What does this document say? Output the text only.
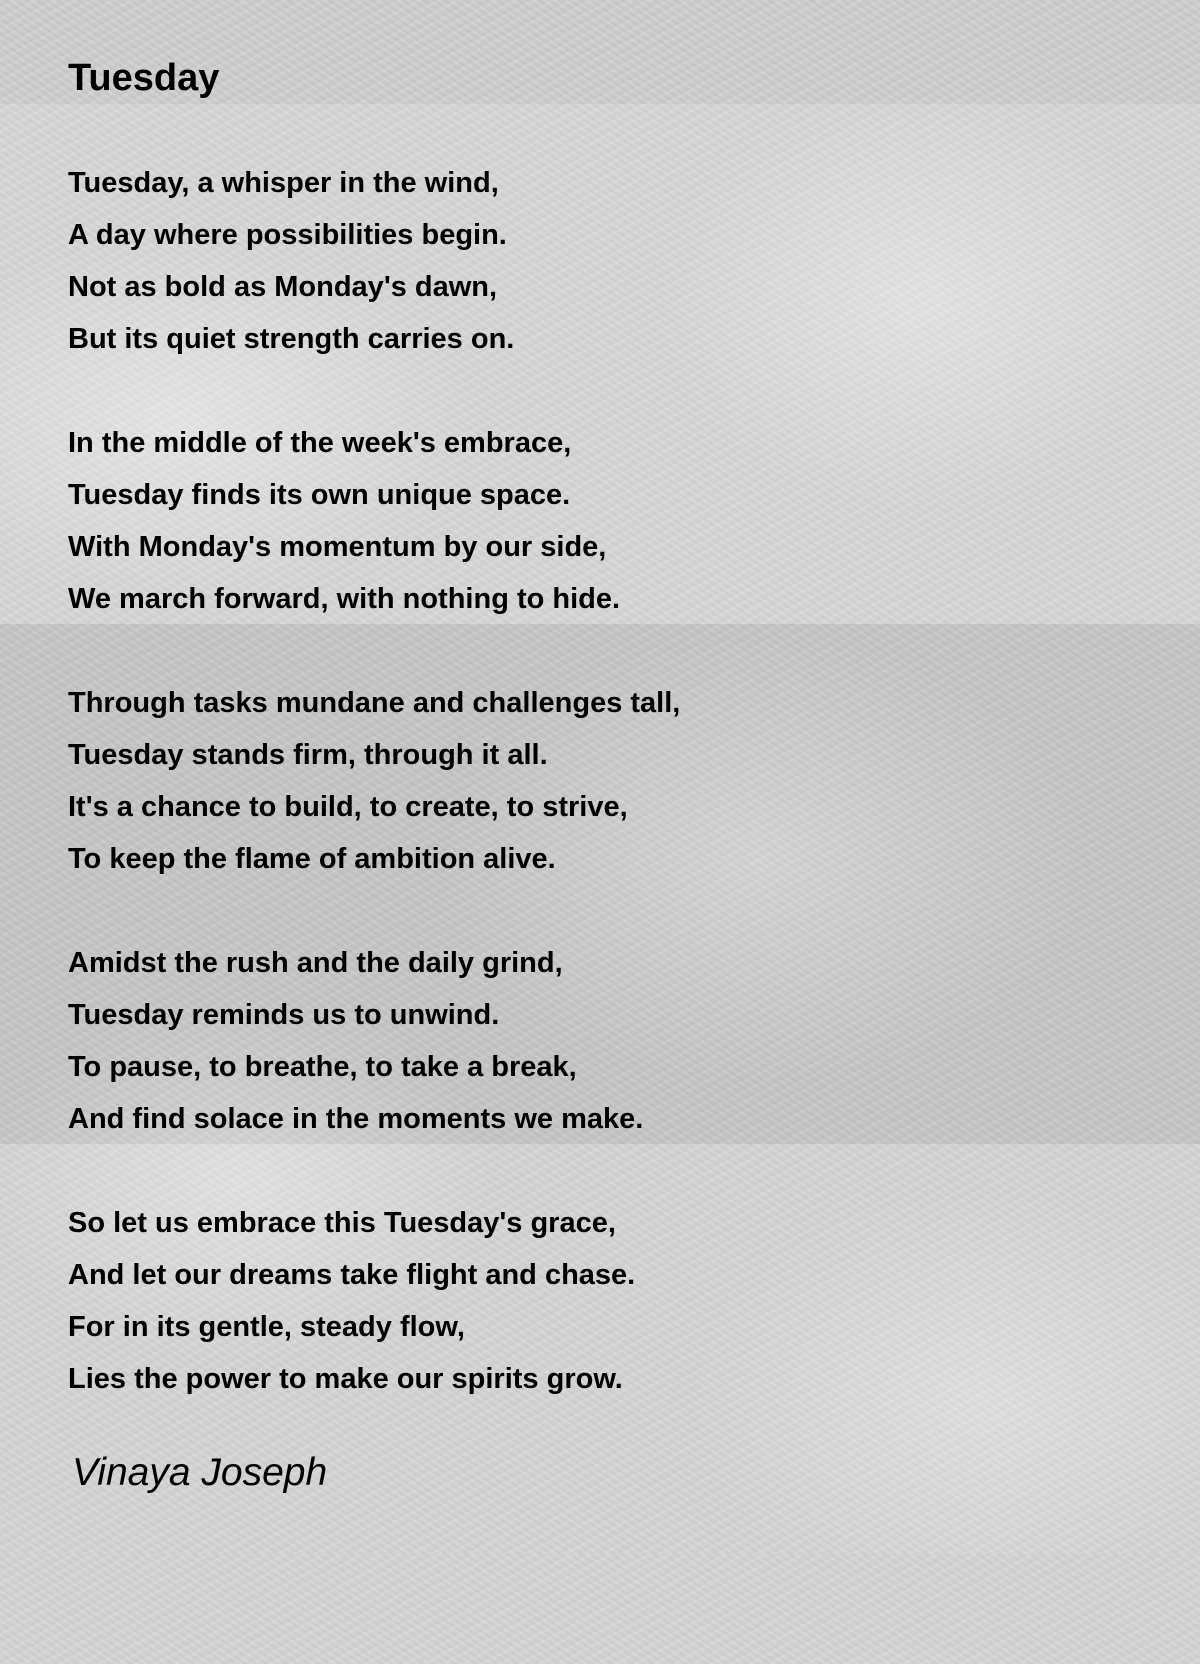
Tuesday
Tuesday, a whisper in the wind,
A day where possibilities begin.
Not as bold as Monday's dawn,
But its quiet strength carries on.
In the middle of the week's embrace,
Tuesday finds its own unique space.
With Monday's momentum by our side,
We march forward, with nothing to hide.
Through tasks mundane and challenges tall,
Tuesday stands firm, through it all.
It's a chance to build, to create, to strive,
To keep the flame of ambition alive.
Amidst the rush and the daily grind,
Tuesday reminds us to unwind.
To pause, to breathe, to take a break,
And find solace in the moments we make.
So let us embrace this Tuesday's grace,
And let our dreams take flight and chase.
For in its gentle, steady flow,
Lies the power to make our spirits grow.
Vinaya Joseph
